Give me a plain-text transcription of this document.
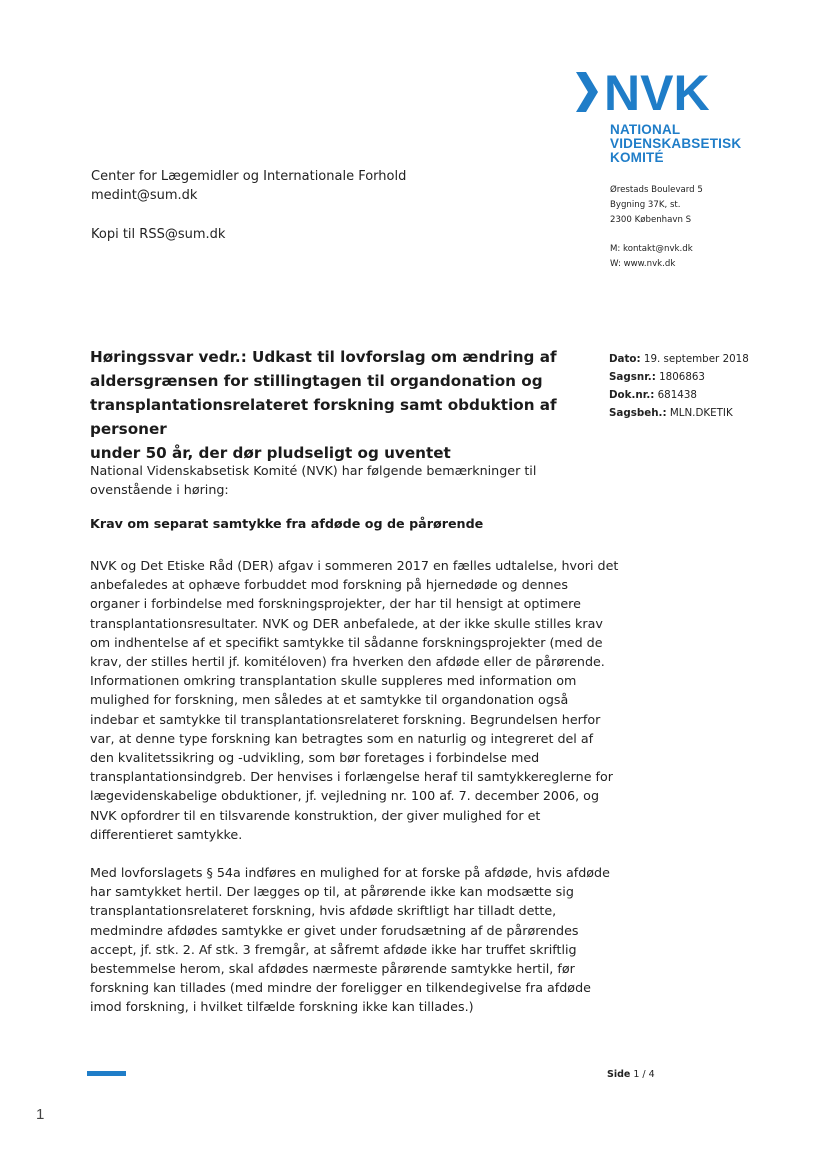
NVK
NATIONAL
VIDENSKABSETISK
KOMITÉ
Ørestads Boulevard 5
Bygning 37K, st.
2300 København S
M: kontakt@nvk.dk
W: www.nvk.dk
Center for Lægemidler og Internationale Forhold
medint@sum.dk
Kopi til RSS@sum.dk
Dato: 19. september 2018
Sagsnr.: 1806863
Dok.nr.: 681438
Sagsbeh.: MLN.DKETIK
Høringssvar vedr.: Udkast til lovforslag om ændring af
aldersgrænsen for stillingtagen til organdonation og
transplantationsrelateret forskning samt obduktion af personer
under 50 år, der dør pludseligt og uventet
National Videnskabsetisk Komité (NVK) har følgende bemærkninger til
ovenstående i høring:
Krav om separat samtykke fra afdøde og de pårørende
NVK og Det Etiske Råd (DER) afgav i sommeren 2017 en fælles udtalelse, hvori det
anbefaledes at ophæve forbuddet mod forskning på hjernedøde og dennes
organer i forbindelse med forskningsprojekter, der har til hensigt at optimere
transplantationsresultater. NVK og DER anbefalede, at der ikke skulle stilles krav
om indhentelse af et specifikt samtykke til sådanne forskningsprojekter (med de
krav, der stilles hertil jf. komitéloven) fra hverken den afdøde eller de pårørende.
Informationen omkring transplantation skulle suppleres med information om
mulighed for forskning, men således at et samtykke til organdonation også
indebar et samtykke til transplantationsrelateret forskning. Begrundelsen herfor
var, at denne type forskning kan betragtes som en naturlig og integreret del af
den kvalitetssikring og -udvikling, som bør foretages i forbindelse med
transplantationsindgreb. Der henvises i forlængelse heraf til samtykkereglerne for
lægevidenskabelige obduktioner, jf. vejledning nr. 100 af. 7. december 2006, og
NVK opfordrer til en tilsvarende konstruktion, der giver mulighed for et
differentieret samtykke.
Med lovforslagets § 54a indføres en mulighed for at forske på afdøde, hvis afdøde
har samtykket hertil. Der lægges op til, at pårørende ikke kan modsætte sig
transplantationsrelateret forskning, hvis afdøde skriftligt har tilladt dette,
medmindre afdødes samtykke er givet under forudsætning af de pårørendes
accept, jf. stk. 2. Af stk. 3 fremgår, at såfremt afdøde ikke har truffet skriftlig
bestemmelse herom, skal afdødes nærmeste pårørende samtykke hertil, før
forskning kan tillades (med mindre der foreligger en tilkendegivelse fra afdøde
imod forskning, i hvilket tilfælde forskning ikke kan tillades.)
Side 1 / 4
1
